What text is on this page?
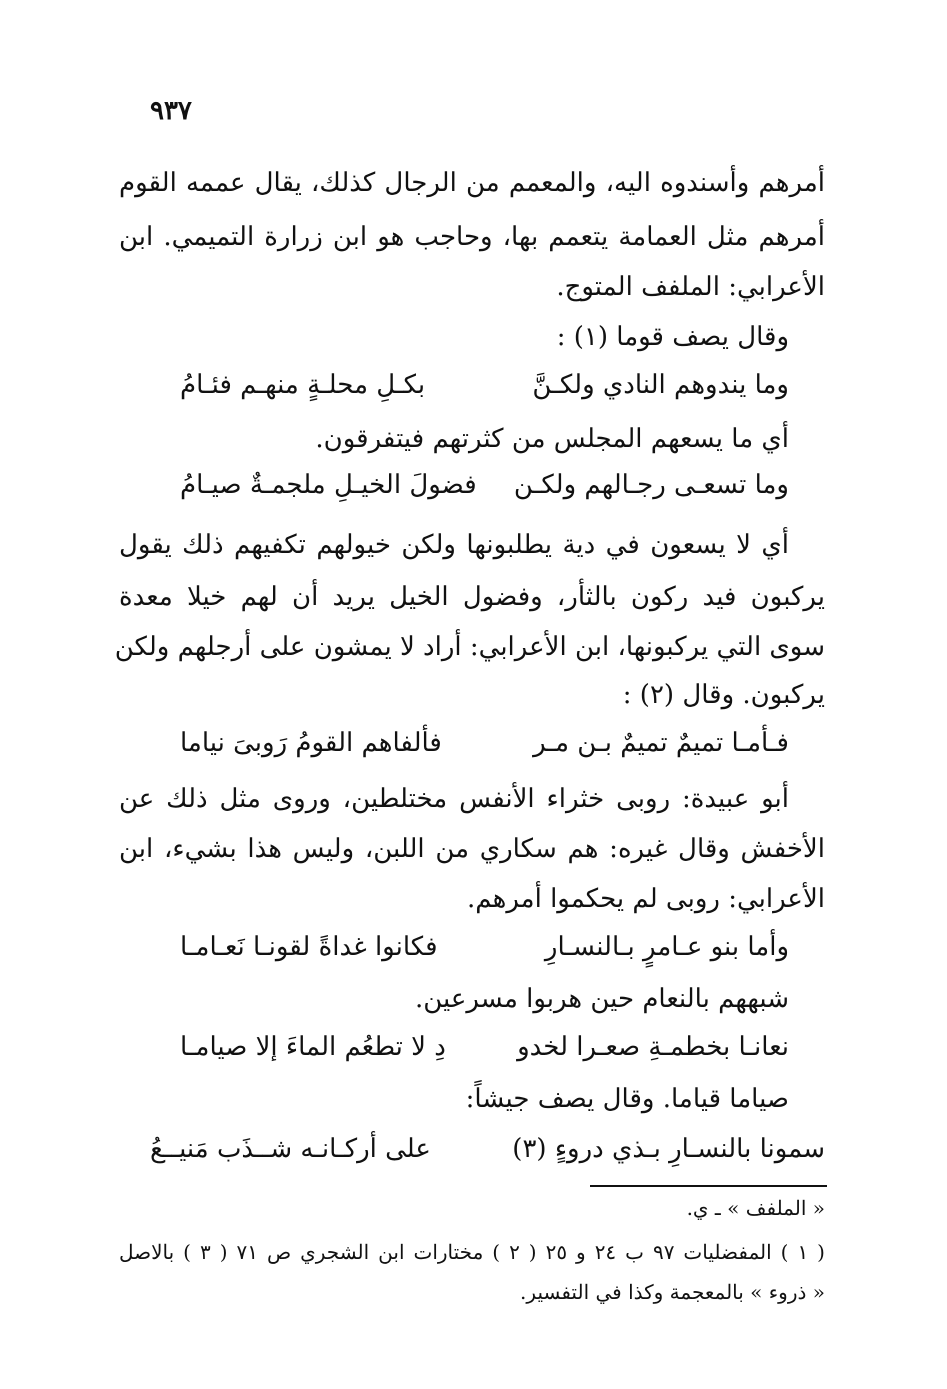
٩٣٧
أمرهم وأسندوه اليه، والمعمم من الرجال كذلك، يقال عممه القوم
أمرهم مثل العمامة يتعمم بها، وحاجب هو ابن زرارة التميمي. ابن
الأعرابي: الملفف المتوج.
وقال يصف قوما (١) :
وما يندوهم النادي ولكـنَّ
بكـلِ محلـةٍ منهـم فئـامُ
أي ما يسعهم المجلس من كثرتهم فيتفرقون.
وما تسعـى رجـالهم ولكـن
فضولَ الخيـلِ ملجمـةٌ صيـامُ
أي لا يسعون في دية يطلبونها ولكن خيولهم تكفيهم ذلك يقول
يركبون فيد ركون بالثأر، وفضول الخيل يريد أن لهم خيلا معدة
سوى التي يركبونها، ابن الأعرابي: أراد لا يمشون على أرجلهم ولكن
يركبون. وقال (٢) :
فـأمـا تميمٌ تميمٌ بـن مـر
فألفاهم القومُ رَوبىَ نياما
أبو عبيدة: روبى خثراء الأنفس مختلطين، وروى مثل ذلك عن
الأخفش وقال غيره: هم سكاري من اللبن، وليس هذا بشيء، ابن
الأعرابي: روبى لم يحكموا أمرهم.
وأما بنو عـامرٍ بـالنسـارِ
فكانوا غداةً لقونـا نَعـامـا
شبههم بالنعام حين هربوا مسرعين.
نعانـا بخطمـةِ صعـرا لخدو
دِ لا تطعُم الماءَ إلا صيامـا
صياما قياما. وقال يصف جيشاً:
سمونا بالنسـارِ بـذي دروءٍ (٣)
على أركـانـه شــذَب مَنيــعُ
« الملفف » ـ ي.
( ١ ) المفضليات ٩٧ ب ٢٤ و ٢٥ ( ٢ ) مختارات ابن الشجري ص ٧١ ( ٣ ) بالاصل
« ذروء » بالمعجمة وكذا في التفسير.
